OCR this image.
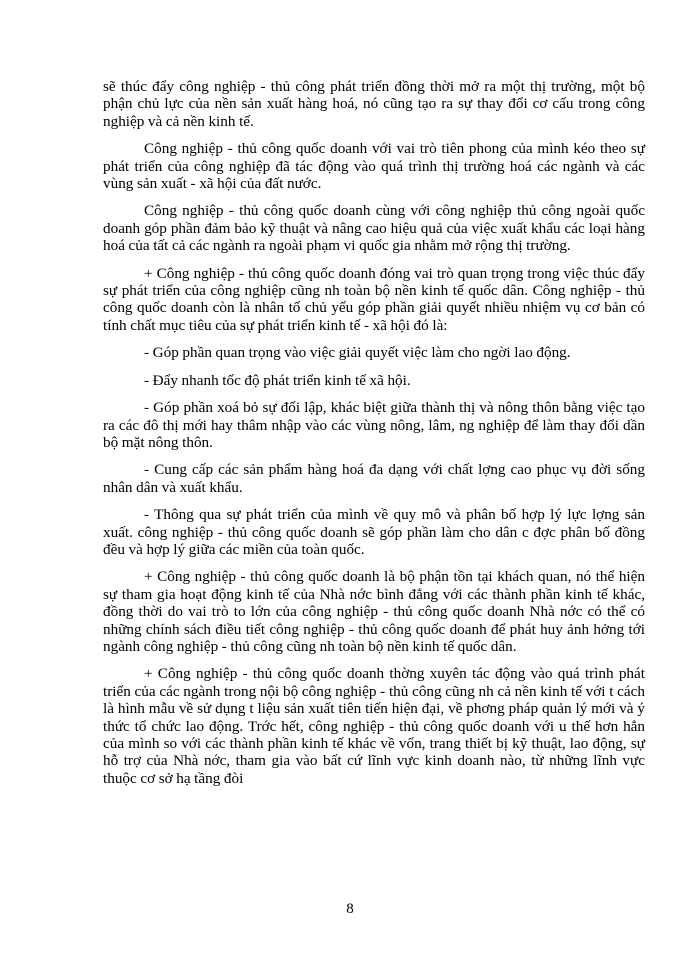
sẽ thúc đẩy công nghiệp - thủ công phát triển đồng thời mở ra một thị trường, một bộ phận chủ lực của nền sản xuất hàng hoá, nó cũng tạo ra sự thay đổi cơ cấu trong công nghiệp và cả nền kinh tế.

Công nghiệp - thủ công quốc doanh với vai trò tiên phong của mình kéo theo sự phát triển của công nghiệp đã tác động vào quá trình thị trường hoá các ngành và các vùng sản xuất - xã hội của đất nước.

Công nghiệp - thủ công quốc doanh cùng với công nghiệp thủ công ngoài quốc doanh góp phần đảm bảo kỹ thuật và nâng cao hiệu quả của việc xuất khẩu các loại hàng hoá của tất cả các ngành ra ngoài phạm vi quốc gia nhằm mở rộng thị trường.

+ Công nghiệp - thủ công quốc doanh đóng vai trò quan trọng trong việc thúc đẩy sự phát triển của công nghiệp cũng nh toàn bộ nền kinh tế quốc dân. Công nghiệp - thủ công quốc doanh còn là nhân tố chủ yếu góp phần giải quyết nhiều nhiệm vụ cơ bản có tính chất mục tiêu của sự phát triển kinh tế - xã hội đó là:

- Góp phần quan trọng vào việc giải quyết việc làm cho ngời lao động.

- Đẩy nhanh tốc độ phát triển kinh tế xã hội.

- Góp phần xoá bỏ sự đối lập, khác biệt giữa thành thị và nông thôn bằng việc tạo ra các đô thị mới hay thâm nhập vào các vùng nông, lâm, ng nghiệp để làm thay đổi dần bộ mặt nông thôn.

- Cung cấp các sản phẩm hàng hoá đa dạng với chất lợng cao phục vụ đời sống nhân dân và xuất khẩu.

- Thông qua sự phát triển của mình về quy mô và phân bố hợp lý lực lợng sản xuất. công nghiệp - thủ công quốc doanh sẽ góp phần làm cho dân c đợc phân bố đồng đều và hợp lý giữa các miền của toàn quốc.

+ Công nghiệp - thủ công quốc doanh là bộ phận tồn tại khách quan, nó thể hiện sự tham gia hoạt động kinh tế của Nhà nớc bình đẳng với các thành phần kinh tế khác, đồng thời do vai trò to lớn của công nghiệp - thủ công quốc doanh Nhà nớc có thể có những chính sách điều tiết công nghiệp - thủ công quốc doanh để phát huy ảnh hởng tới ngành công nghiệp - thủ công cũng nh toàn bộ nền kinh tế quốc dân.

+ Công nghiệp - thủ công quốc doanh thờng xuyên tác động vào quá trình phát triển của các ngành trong nội bộ công nghiệp - thủ công cũng nh cả nền kinh tế với t cách là hình mẫu về sử dụng t liệu sản xuất tiên tiến hiện đại, về phơng pháp quản lý mới và ý thức tổ chức lao động. Trớc hết, công nghiệp - thủ công quốc doanh với u thế hơn hẳn của mình so với các thành phần kinh tế khác về vốn, trang thiết bị kỹ thuật, lao động, sự hỗ trợ của Nhà nớc, tham gia vào bất cứ lĩnh vực kinh doanh nào, từ những lĩnh vực thuộc cơ sở hạ tầng đòi

8
